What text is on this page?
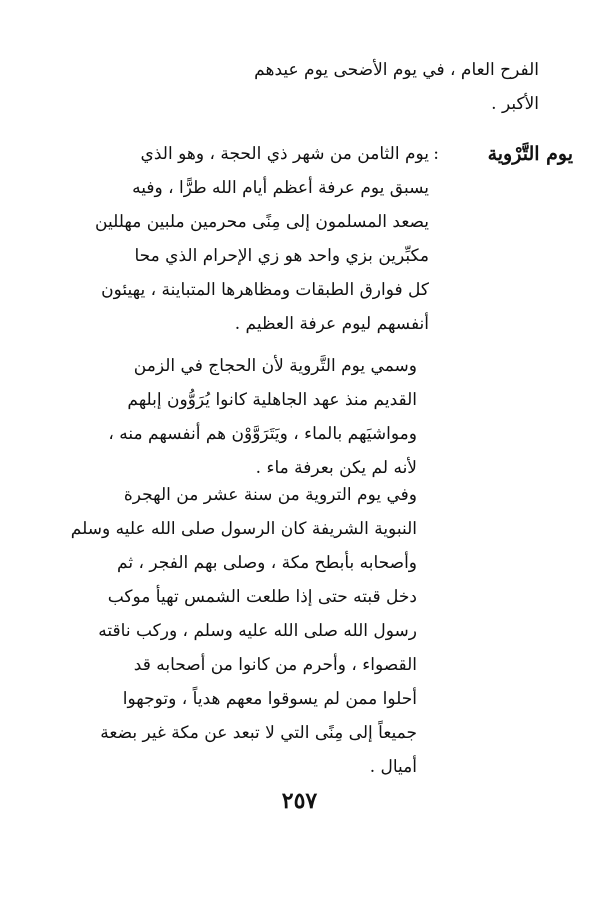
الفرح العام ، في يوم الأضحى يوم عيدهم
الأكبر .
يوم التَّرْوية
:
يوم الثامن من شهر ذي الحجة ، وهو الذي
يسبق يوم عرفة أعظم أيام الله طرًّا ، وفيه
يصعد المسلمون إلى مِنًى محرمين ملبين مهللين
مكبِّرين بزي واحد هو زي الإحرام الذي محا
كل فوارق الطبقات ومظاهرها المتباينة ، يهيئون
أنفسهم ليوم عرفة العظيم .
وسمي يوم التَّروية لأن الحجاج في الزمن
القديم منذ عهد الجاهلية كانوا يُرَوُّون إبلهم
ومواشيَهم بالماء ، ويَتَرَوَّوْن هم أنفسهم منه ،
لأنه لم يكن بعرفة ماء .
وفي يوم التروية من سنة عشر من الهجرة
النبوية الشريفة كان الرسول صلى الله عليه وسلم
وأصحابه بأبطح مكة ، وصلى بهم الفجر ، ثم
دخل قبته حتى إذا طلعت الشمس تهيأ موكب
رسول الله صلى الله عليه وسلم ، وركب ناقته
القصواء ، وأحرم من كانوا من أصحابه قد
أحلوا ممن لم يسوقوا معهم هدياً ، وتوجهوا
جميعاً إلى مِنًى التي لا تبعد عن مكة غير بضعة
أميال .
٢٥٧
